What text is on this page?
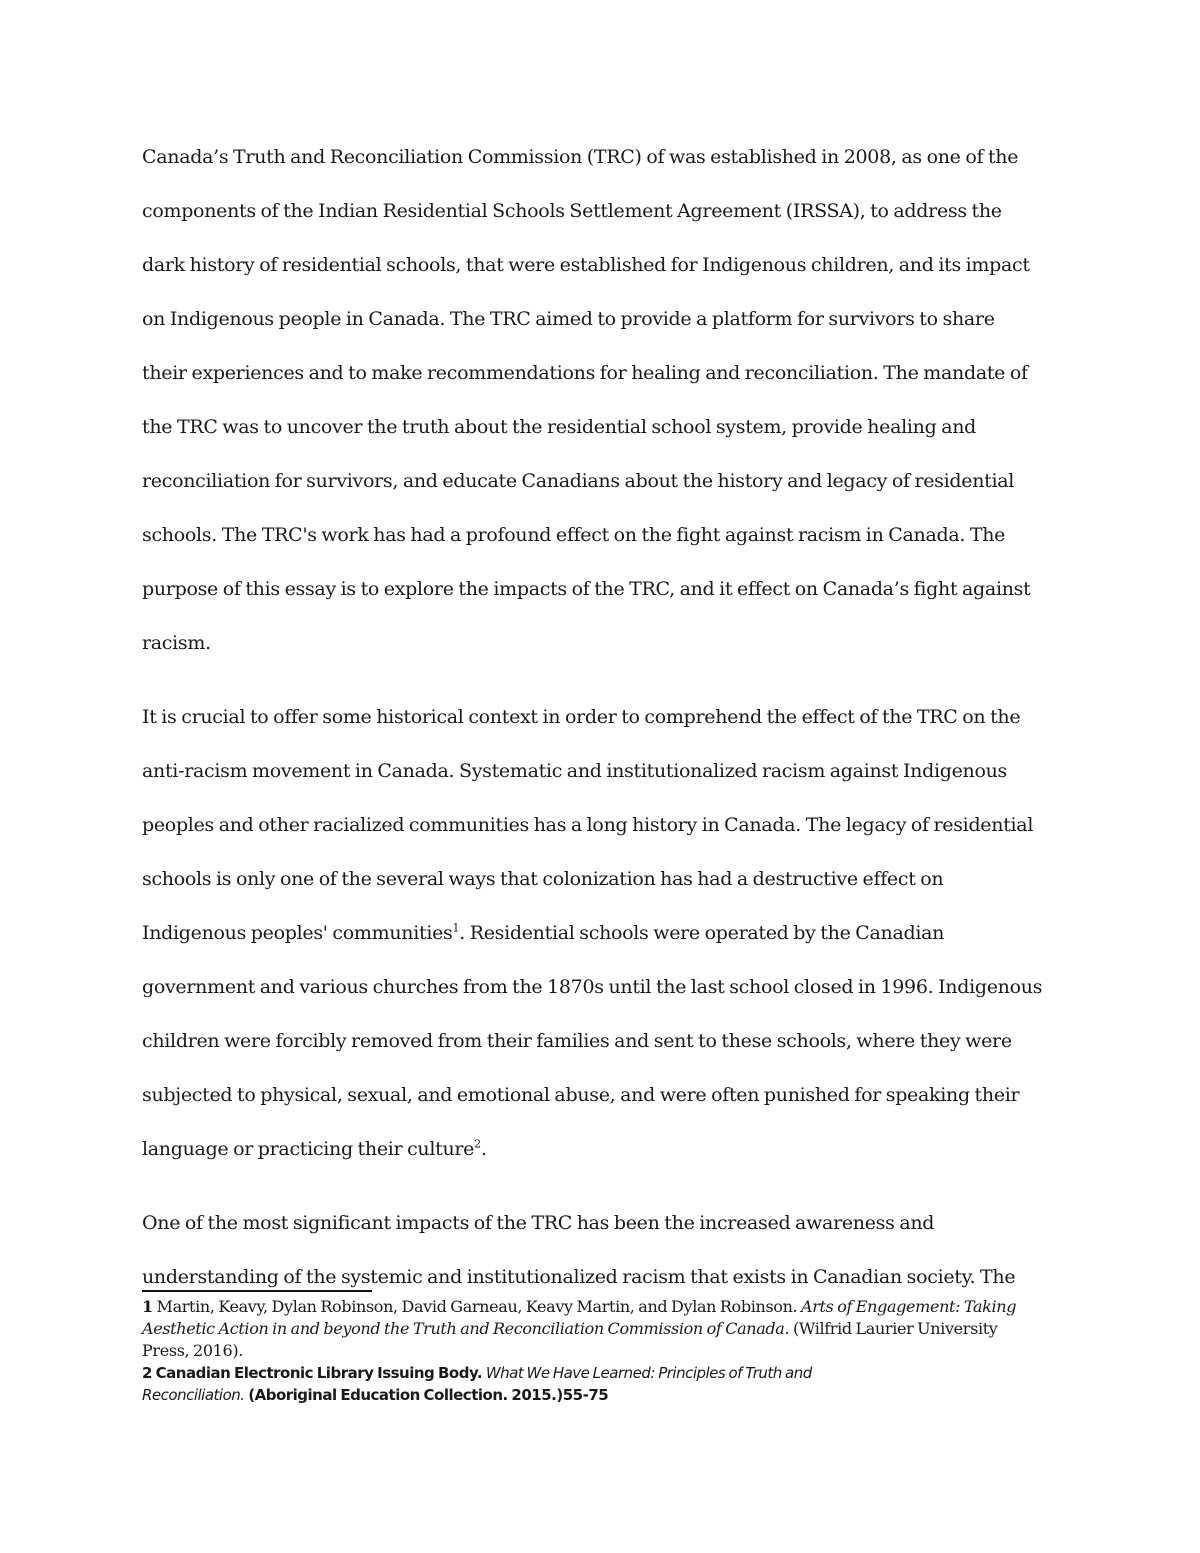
Canada’s Truth and Reconciliation Commission (TRC) of was established in 2008, as one of the
components of the Indian Residential Schools Settlement Agreement (IRSSA), to address the
dark history of residential schools, that were established for Indigenous children, and its impact
on Indigenous people in Canada. The TRC aimed to provide a platform for survivors to share
their experiences and to make recommendations for healing and reconciliation. The mandate of
the TRC was to uncover the truth about the residential school system, provide healing and
reconciliation for survivors, and educate Canadians about the history and legacy of residential
schools. The TRC's work has had a profound effect on the fight against racism in Canada. The
purpose of this essay is to explore the impacts of the TRC, and it effect on Canada’s fight against
racism.
It is crucial to offer some historical context in order to comprehend the effect of the TRC on the
anti-racism movement in Canada. Systematic and institutionalized racism against Indigenous
peoples and other racialized communities has a long history in Canada. The legacy of residential
schools is only one of the several ways that colonization has had a destructive effect on
Indigenous peoples' communities$^1$. Residential schools were operated by the Canadian
government and various churches from the 1870s until the last school closed in 1996. Indigenous
children were forcibly removed from their families and sent to these schools, where they were
subjected to physical, sexual, and emotional abuse, and were often punished for speaking their
language or practicing their culture$^2$.
One of the most significant impacts of the TRC has been the increased awareness and
understanding of the systemic and institutionalized racism that exists in Canadian society. The
1 Martin, Keavy, Dylan Robinson, David Garneau, Keavy Martin, and Dylan Robinson. Arts of Engagement: Taking
Aesthetic Action in and beyond the Truth and Reconciliation Commission of Canada. (Wilfrid Laurier University
Press, 2016).
2 Canadian Electronic Library Issuing Body. What We Have Learned: Principles of Truth and
Reconciliation. (Aboriginal Education Collection. 2015.)55-75
